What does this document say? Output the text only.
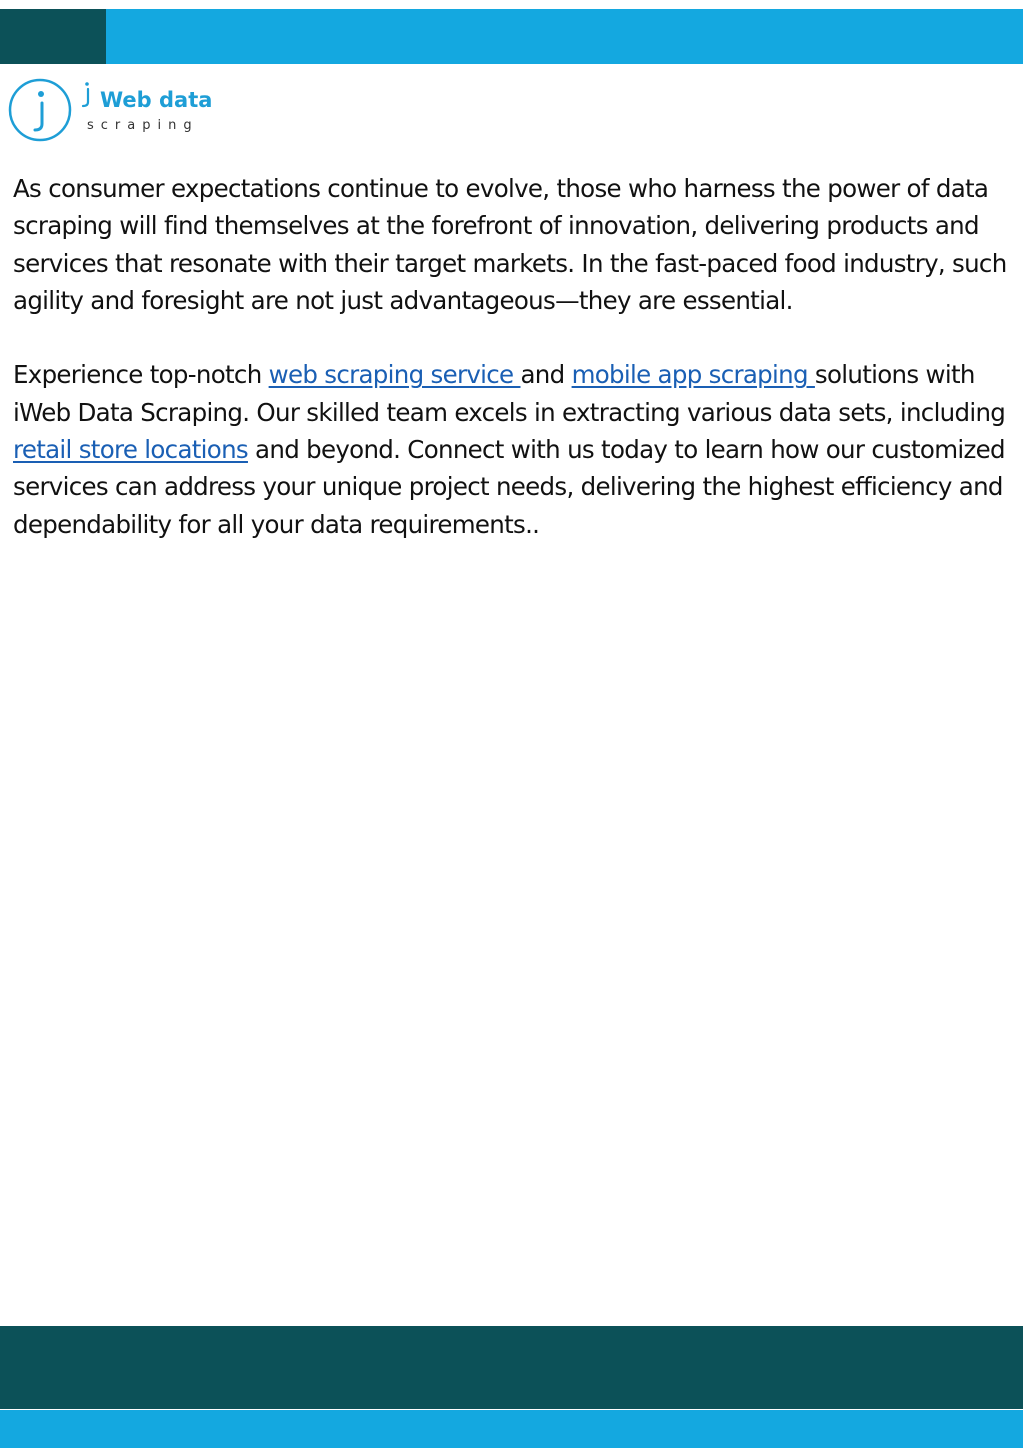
Web data
scraping

As consumer expectations continue to evolve, those who harness the power of data scraping will find themselves at the forefront of innovation, delivering products and services that resonate with their target markets. In the fast-paced food industry, such agility and foresight are not just advantageous—they are essential.

Experience top-notch web scraping service and mobile app scraping solutions with iWeb Data Scraping. Our skilled team excels in extracting various data sets, including retail store locations and beyond. Connect with us today to learn how our customized services can address your unique project needs, delivering the highest efficiency and dependability for all your data requirements..
